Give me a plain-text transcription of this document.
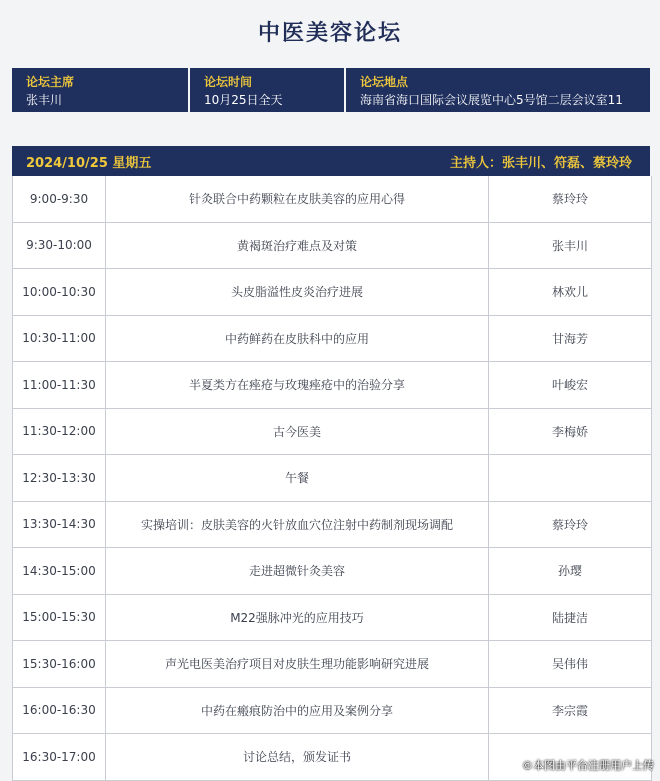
中医美容论坛
论坛主席
张丰川
论坛时间
10月25日全天
论坛地点
海南省海口国际会议展览中心5号馆二层会议室11
2024/10/25 星期五	主持人：张丰川、符磊、蔡玲玲
9:00-9:30	针灸联合中药颗粒在皮肤美容的应用心得	蔡玲玲
9:30-10:00	黄褐斑治疗难点及对策	张丰川
10:00-10:30	头皮脂溢性皮炎治疗进展	林欢儿
10:30-11:00	中药鲜药在皮肤科中的应用	甘海芳
11:00-11:30	半夏类方在痤疮与玫瑰痤疮中的治验分享	叶峻宏
11:30-12:00	古今医美	李梅娇
12:30-13:30	午餐
13:30-14:30	实操培训：皮肤美容的火针放血穴位注射中药制剂现场调配	蔡玲玲
14:30-15:00	走进超微针灸美容	孙璎
15:00-15:30	M22强脉冲光的应用技巧	陆捷洁
15:30-16:00	声光电医美治疗项目对皮肤生理功能影响研究进展	吴伟伟
16:00-16:30	中药在瘢痕防治中的应用及案例分享	李宗霞
16:30-17:00	讨论总结，颁发证书
©本图由平台注册用户上传
